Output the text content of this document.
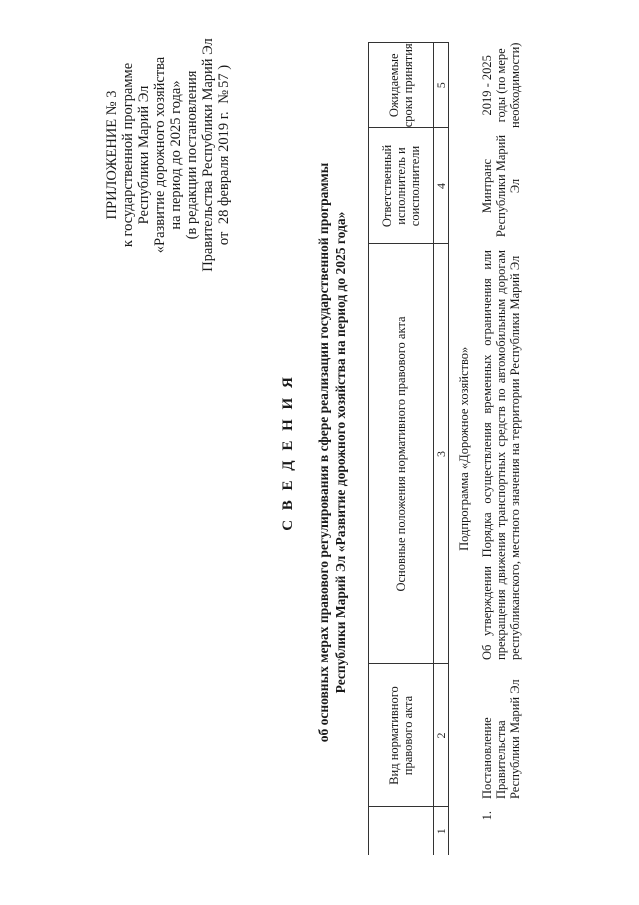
ПРИЛОЖЕНИЕ № 3 к государственной программе Республики Марий Эл «Развитие дорожного хозяйства на период до 2025 года» (в редакции постановления Правительства Республики Марий Эл от 28 февраля 2019 г. №57 )
С В Е Д Е Н И Я об основных мерах правового регулирования в сфере реализации государственной программы Республики Марий Эл «Развитие дорожного хозяйства на период до 2025 года»
	Вид нормативного правового акта	Основные положения нормативного правового акта	Ответственный исполнитель и соисполнители	Ожидаемые сроки принятия
1	2	3	4	5
Подпрограмма «Дорожное хозяйство»				
1.	Постановление Правительства Республики Марий Эл	Об утверждении Порядка осуществления временных ограничения или прекращения движения транспортных средств по автомобильным дорогам республиканского, местного значения на территории Республики Марий Эл	Минтранс Республики Марий Эл	2019 - 2025 годы (по мере необходимости)
